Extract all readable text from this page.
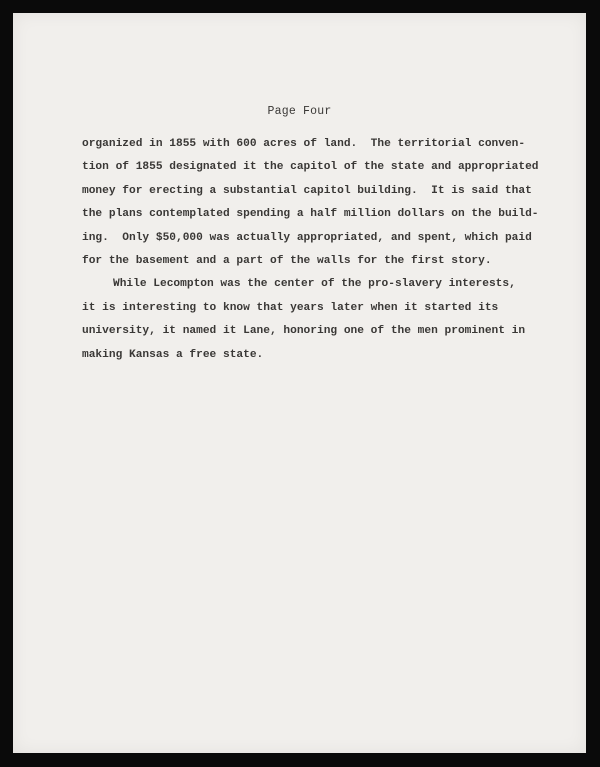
Page Four
organized in 1855 with 600 acres of land.  The territorial conven-
tion of 1855 designated it the capitol of the state and appropriated
money for erecting a substantial capitol building.  It is said that
the plans contemplated spending a half million dollars on the build-
ing.  Only $50,000 was actually appropriated, and spent, which paid
for the basement and a part of the walls for the first story.
While Lecompton was the center of the pro-slavery interests,
it is interesting to know that years later when it started its
university, it named it Lane, honoring one of the men prominent in
making Kansas a free state.
